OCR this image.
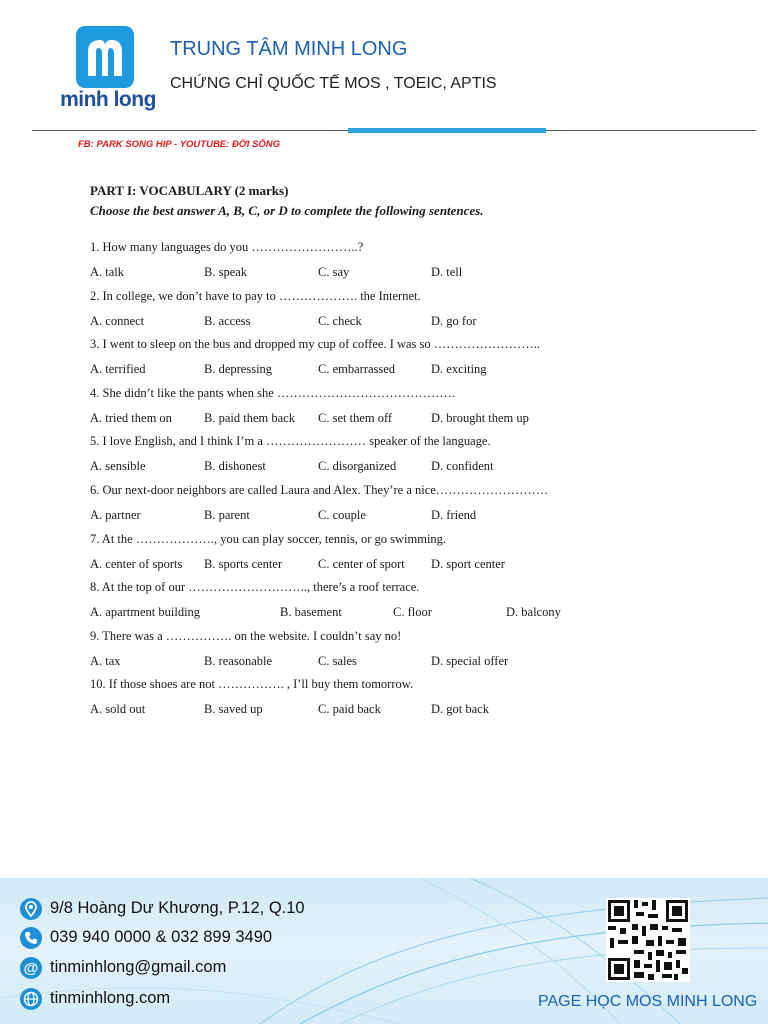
minh long
TRUNG TÂM MINH LONG
CHỨNG CHỈ QUỐC TẾ MOS , TOEIC, APTIS
FB: PARK SONG HIP - YOUTUBE: ĐỜI SỐNG
PART I: VOCABULARY (2 marks)
Choose the best answer A, B, C, or D to complete the following sentences.
1. How many languages do you ……………………..?
A. talk	B. speak	C. say	D. tell
2. In college, we don’t have to pay to ………………. the Internet.
A. connect	B. access	C. check	D. go for
3. I went to sleep on the bus and dropped my cup of coffee. I was so ……………………..
A. terrified	B. depressing	C. embarrassed	D. exciting
4. She didn’t like the pants when she …………………………………….
A. tried them on	B. paid them back C. set them off	D. brought them up
5. I love English, and I think I’m a …………………… speaker of the language.
A. sensible	B. dishonest	C. disorganized	D. confident
6. Our next-door neighbors are called Laura and Alex. They’re a nice………………………
A. partner	B. parent	C. couple	D. friend
7. At the ………………., you can play soccer, tennis, or go swimming.
A. center of sports B. sports center	C. center of sport D. sport center
8. At the top of our ……………………….., there’s a roof terrace.
A. apartment building	B. basement	C. floor	D. balcony
9. There was a ……………. on the website. I couldn’t say no!
A. tax	B. reasonable	C. sales	D. special offer
10. If those shoes are not ……………. , I’ll buy them tomorrow.
A. sold out	B. saved up	C. paid back	D. got back
9/8 Hoàng Dư Khương, P.12, Q.10
039 940 0000 & 032 899 3490
@ tinminhlong@gmail.com
tinminhlong.com	PAGE HỌC MOS MINH LONG
